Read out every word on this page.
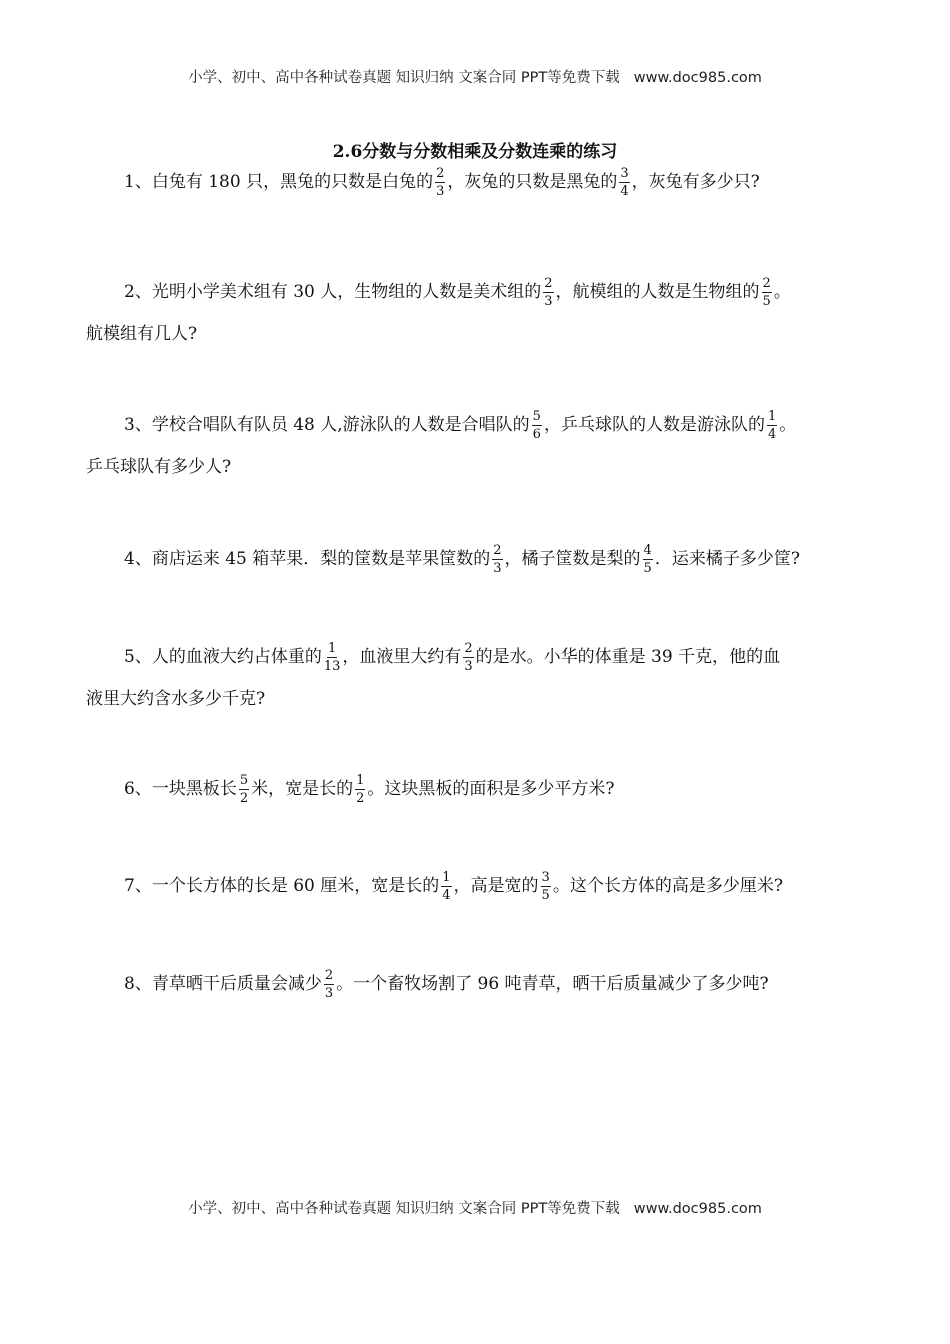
小学、初中、高中各种试卷真题 知识归纳 文案合同 PPT等免费下载 www.doc985.com
2.6分数与分数相乘及分数连乘的练习
1、白兔有 180 只，黑兔的只数是白兔的 $\frac{2}{3}$ ，灰兔的只数是黑兔的 $\frac{3}{4}$ ，灰兔有多少只?
2、光明小学美术组有 30 人，生物组的人数是美术组的 $\frac{2}{3}$ ，航模组的人数是生物组的 $\frac{2}{5}$ 。
航模组有几人?
3、学校合唱队有队员 48 人,游泳队的人数是合唱队的 $\frac{5}{6}$ ，乒乓球队的人数是游泳队的 $\frac{1}{4}$ 。
乒乓球队有多少人?
4、商店运来 45 箱苹果．梨的筐数是苹果筐数的 $\frac{2}{3}$ ，橘子筐数是梨的 $\frac{4}{5}$ ．运来橘子多少筐?
5、人的血液大约占体重的 $\frac{1}{13}$ ，血液里大约有 $\frac{2}{3}$ 的是水。小华的体重是 39 千克，他的血
液里大约含水多少千克?
6、一块黑板长 $\frac{5}{2}$ 米，宽是长的 $\frac{1}{2}$ 。这块黑板的面积是多少平方米?
7、一个长方体的长是 60 厘米，宽是长的 $\frac{1}{4}$ ，高是宽的 $\frac{3}{5}$ 。这个长方体的高是多少厘米?
8、青草晒干后质量会减少 $\frac{2}{3}$ 。一个畜牧场割了 96 吨青草，晒干后质量减少了多少吨?
小学、初中、高中各种试卷真题 知识归纳 文案合同 PPT等免费下载 www.doc985.com
